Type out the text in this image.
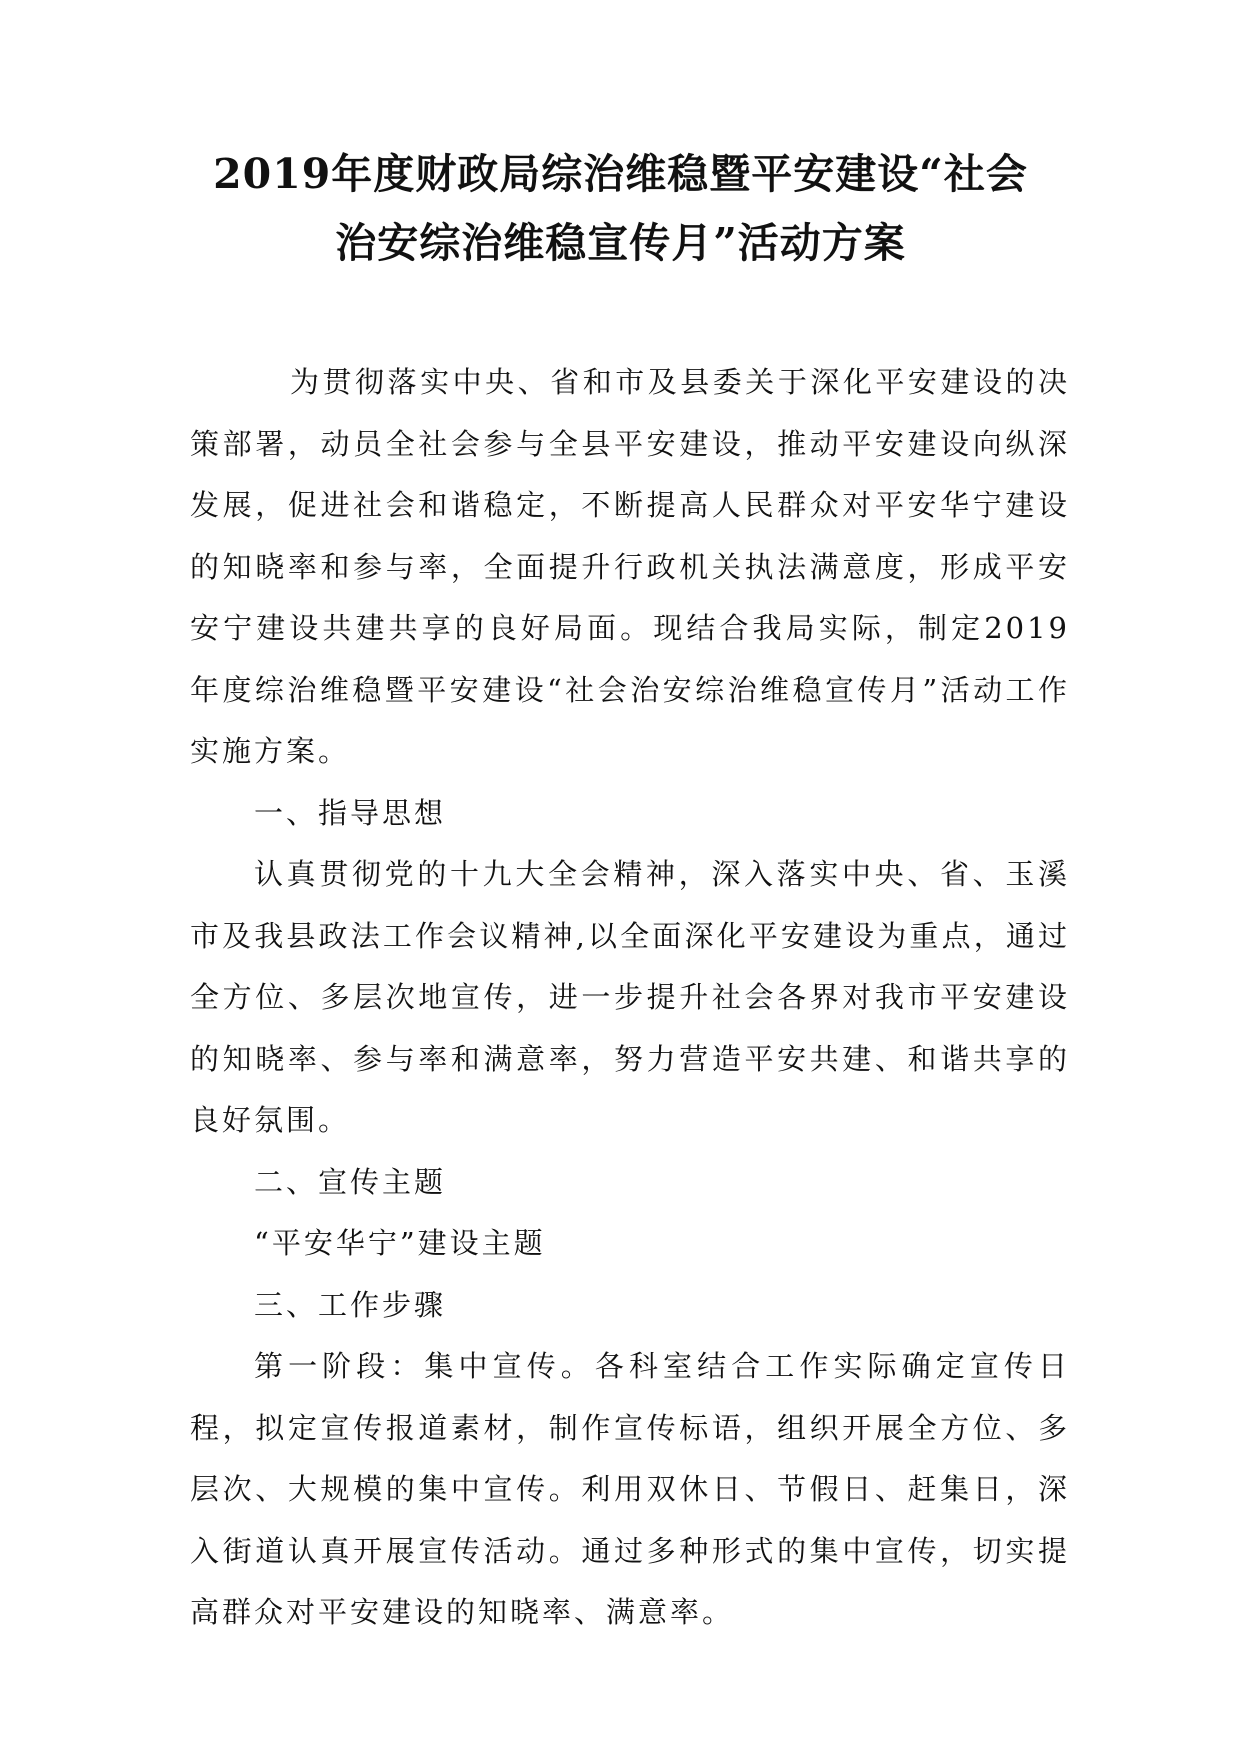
2019年度财政局综治维稳暨平安建设“社会
治安综治维稳宣传月”活动方案

为贯彻落实中央、省和市及县委关于深化平安建设的决策部署，动员全社会参与全县平安建设，推动平安建设向纵深发展，促进社会和谐稳定，不断提高人民群众对平安华宁建设的知晓率和参与率，全面提升行政机关执法满意度，形成平安安宁建设共建共享的良好局面。现结合我局实际，制定2019年度综治维稳暨平安建设“社会治安综治维稳宣传月”活动工作实施方案。

一、指导思想

认真贯彻党的十九大全会精神，深入落实中央、省、玉溪市及我县政法工作会议精神,以全面深化平安建设为重点，通过全方位、多层次地宣传，进一步提升社会各界对我市平安建设的知晓率、参与率和满意率，努力营造平安共建、和谐共享的良好氛围。

二、宣传主题

“平安华宁”建设主题

三、工作步骤

第一阶段：集中宣传。各科室结合工作实际确定宣传日程，拟定宣传报道素材，制作宣传标语，组织开展全方位、多层次、大规模的集中宣传。利用双休日、节假日、赶集日，深入街道认真开展宣传活动。通过多种形式的集中宣传，切实提高群众对平安建设的知晓率、满意率。
